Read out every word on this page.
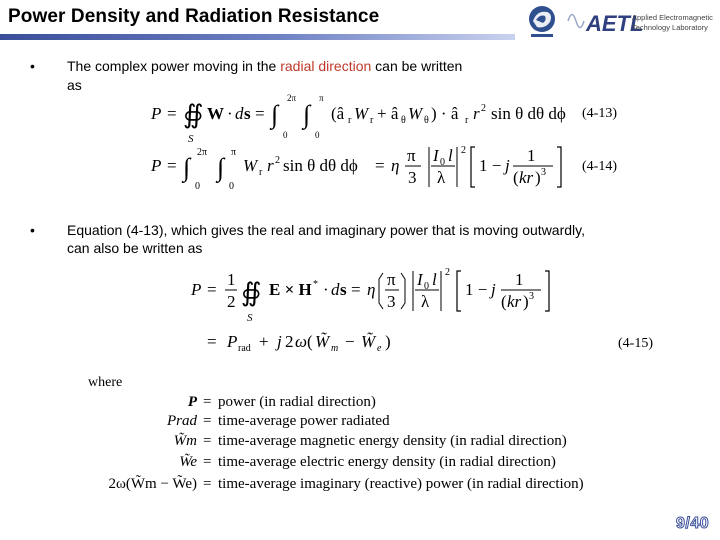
Power Density and Radiation Resistance	AETL
Applied Electromagnetic
Technology Laboratory
• The complex power moving in the radial direction can be written
as
P = ∯
S
W · d s = ∫
2π
0
∫
π
0
(â r W r + â θ W θ ) · â r r 2 sin θ dθ dϕ (4-13)
P = ∫
2π
0
∫
π
0
W r r 2 sin θ dθ dϕ = η
π
3
I 0 l
λ
2
1 − j
1
( kr ) 3	(4-14)
• Equation (4-13), which gives the real and imaginary power that is moving outwardly,
can also be written as
P =
1
2 ∯
S
E × H * · d s = η
π
3
I 0 l
λ
2
1 − j
1
( kr ) 3
= P rad + j 2 ω ( W̃ m − W̃ e )	(4-15)
where
P = power (in radial direction)
Prad = time-average power radiated
W̃m = time-average magnetic energy density (in radial direction)
W̃e = time-average electric energy density (in radial direction)
2ω(W̃m − W̃e) = time-average imaginary (reactive) power (in radial direction)
9/40
